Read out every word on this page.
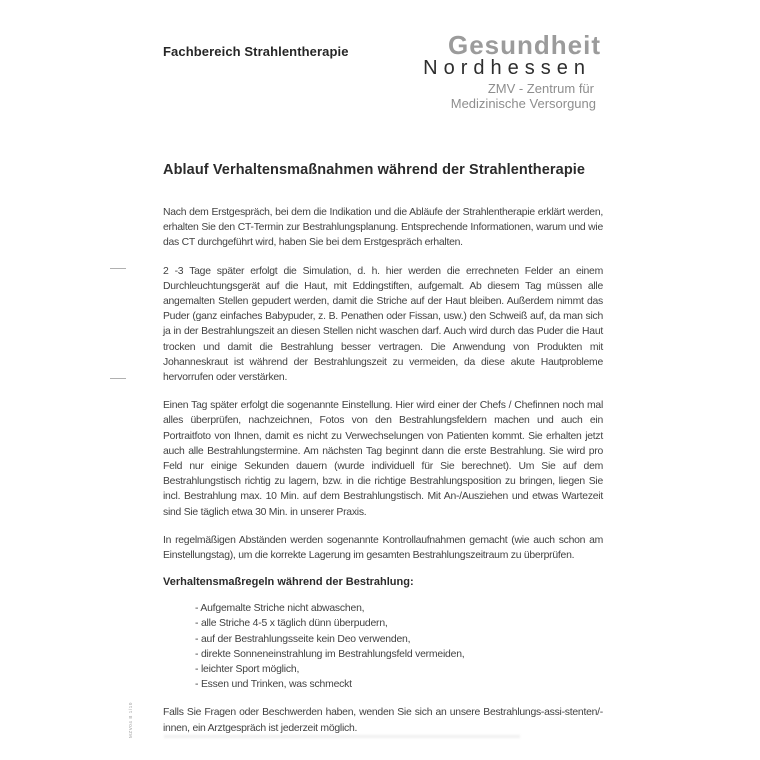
Fachbereich Strahlentherapie	Gesundheit
Nordhessen
ZMV - Zentrum für
Medizinische Versorgung
MZV04 B 1/10
Ablauf Verhaltensmaßnahmen während der Strahlentherapie
Nach dem Erstgespräch, bei dem die Indikation und die Abläufe der Strahlentherapie erklärt werden, erhalten Sie den CT-Termin zur Bestrahlungsplanung. Entsprechende Informationen, warum und wie das CT durchgeführt wird, haben Sie bei dem Erstgespräch erhalten.
2 -3 Tage später erfolgt die Simulation, d. h. hier werden die errechneten Felder an einem Durchleuchtungsgerät auf die Haut, mit Eddingstiften, aufgemalt. Ab diesem Tag müssen alle angemalten Stellen gepudert werden, damit die Striche auf der Haut bleiben. Außerdem nimmt das Puder (ganz einfaches Babypuder, z. B. Penathen oder Fissan, usw.) den Schweiß auf, da man sich ja in der Bestrahlungszeit an diesen Stellen nicht waschen darf. Auch wird durch das Puder die Haut trocken und damit die Bestrahlung besser vertragen. Die Anwendung von Produkten mit Johanneskraut ist während der Bestrahlungszeit zu vermeiden, da diese akute Hautprobleme hervorrufen oder verstärken.
Einen Tag später erfolgt die sogenannte Einstellung. Hier wird einer der Chefs / Chefinnen noch mal alles überprüfen, nachzeichnen, Fotos von den Bestrahlungsfeldern machen und auch ein Portraitfoto von Ihnen, damit es nicht zu Verwechselungen von Patienten kommt. Sie erhalten jetzt auch alle Bestrahlungstermine. Am nächsten Tag beginnt dann die erste Bestrahlung. Sie wird pro Feld nur einige Sekunden dauern (wurde individuell für Sie berechnet). Um Sie auf dem Bestrahlungstisch richtig zu lagern, bzw. in die richtige Bestrahlungsposition zu bringen, liegen Sie incl. Bestrahlung max. 10 Min. auf dem Bestrahlungstisch. Mit An-/Ausziehen und etwas Wartezeit sind Sie täglich etwa 30 Min. in unserer Praxis.
In regelmäßigen Abständen werden sogenannte Kontrollaufnahmen gemacht (wie auch schon am Einstellungstag), um die korrekte Lagerung im gesamten Bestrahlungszeitraum zu überprüfen.
Verhaltensmaßregeln während der Bestrahlung:
- Aufgemalte Striche nicht abwaschen,
- alle Striche 4-5 x täglich dünn überpudern,
- auf der Bestrahlungsseite kein Deo verwenden,
- direkte Sonneneinstrahlung im Bestrahlungsfeld vermeiden,
- leichter Sport möglich,
- Essen und Trinken, was schmeckt
Falls Sie Fragen oder Beschwerden haben, wenden Sie sich an unsere Bestrahlungs-assi-stenten/-innen, ein Arztgespräch ist jederzeit möglich.
